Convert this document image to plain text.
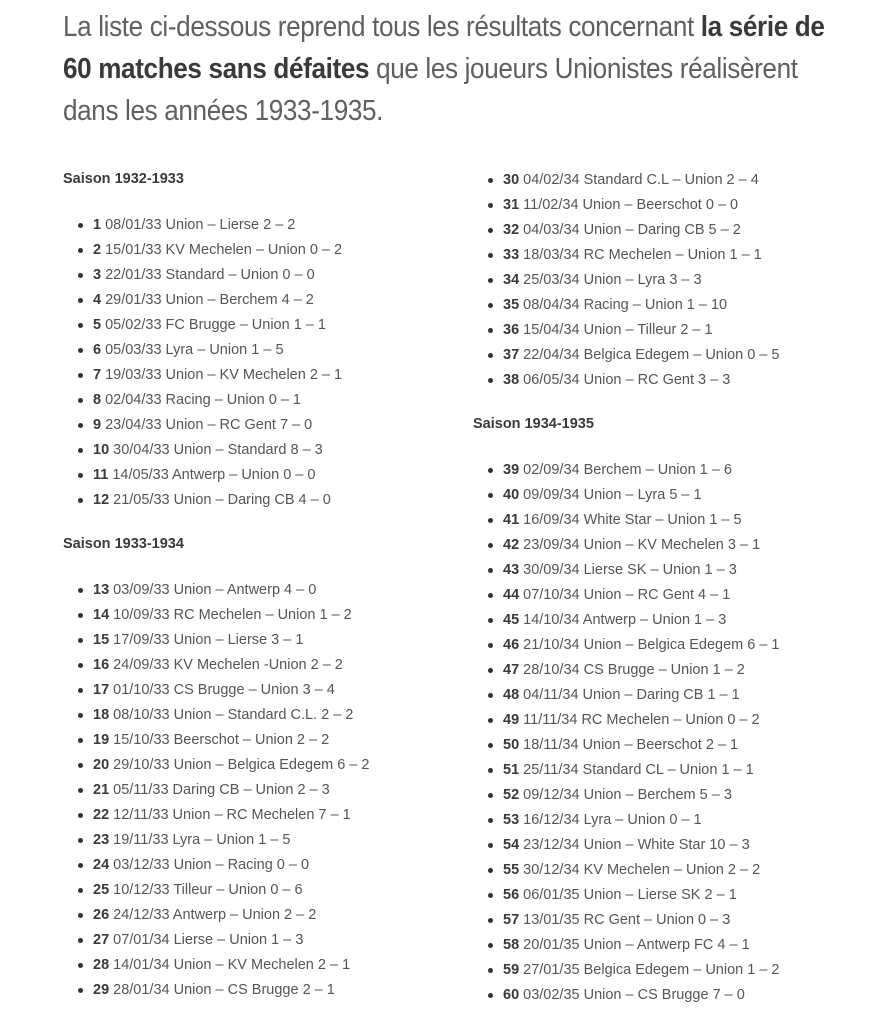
La liste ci-dessous reprend tous les résultats concernant la série de 60 matches sans défaites que les joueurs Unionistes réalisèrent dans les années 1933-1935.

Saison 1932-1933
1 08/01/33 Union – Lierse 2 – 2
2 15/01/33 KV Mechelen – Union 0 – 2
3 22/01/33 Standard – Union 0 – 0
4 29/01/33 Union – Berchem 4 – 2
5 05/02/33 FC Brugge – Union 1 – 1
6 05/03/33 Lyra – Union 1 – 5
7 19/03/33 Union – KV Mechelen 2 – 1
8 02/04/33 Racing – Union 0 – 1
9 23/04/33 Union – RC Gent 7 – 0
10 30/04/33 Union – Standard 8 – 3
11 14/05/33 Antwerp – Union 0 – 0
12 21/05/33 Union – Daring CB 4 – 0
Saison 1933-1934
13 03/09/33 Union – Antwerp 4 – 0
14 10/09/33 RC Mechelen – Union 1 – 2
15 17/09/33 Union – Lierse 3 – 1
16 24/09/33 KV Mechelen -Union 2 – 2
17 01/10/33 CS Brugge – Union 3 – 4
18 08/10/33 Union – Standard C.L. 2 – 2
19 15/10/33 Beerschot – Union 2 – 2
20 29/10/33 Union – Belgica Edegem 6 – 2
21 05/11/33 Daring CB – Union 2 – 3
22 12/11/33 Union – RC Mechelen 7 – 1
23 19/11/33 Lyra – Union 1 – 5
24 03/12/33 Union – Racing 0 – 0
25 10/12/33 Tilleur – Union 0 – 6
26 24/12/33 Antwerp – Union 2 – 2
27 07/01/34 Lierse – Union 1 – 3
28 14/01/34 Union – KV Mechelen 2 – 1
29 28/01/34 Union – CS Brugge 2 – 1
30 04/02/34 Standard C.L – Union 2 – 4
31 11/02/34 Union – Beerschot 0 – 0
32 04/03/34 Union – Daring CB 5 – 2
33 18/03/34 RC Mechelen – Union 1 – 1
34 25/03/34 Union – Lyra 3 – 3
35 08/04/34 Racing – Union 1 – 10
36 15/04/34 Union – Tilleur 2 – 1
37 22/04/34 Belgica Edegem – Union 0 – 5
38 06/05/34 Union – RC Gent 3 – 3
Saison 1934-1935
39 02/09/34 Berchem – Union 1 – 6
40 09/09/34 Union – Lyra 5 – 1
41 16/09/34 White Star – Union 1 – 5
42 23/09/34 Union – KV Mechelen 3 – 1
43 30/09/34 Lierse SK – Union 1 – 3
44 07/10/34 Union – RC Gent 4 – 1
45 14/10/34 Antwerp – Union 1 – 3
46 21/10/34 Union – Belgica Edegem 6 – 1
47 28/10/34 CS Brugge – Union 1 – 2
48 04/11/34 Union – Daring CB 1 – 1
49 11/11/34 RC Mechelen – Union 0 – 2
50 18/11/34 Union – Beerschot 2 – 1
51 25/11/34 Standard CL – Union 1 – 1
52 09/12/34 Union – Berchem 5 – 3
53 16/12/34 Lyra – Union 0 – 1
54 23/12/34 Union – White Star 10 – 3
55 30/12/34 KV Mechelen – Union 2 – 2
56 06/01/35 Union – Lierse SK 2 – 1
57 13/01/35 RC Gent – Union 0 – 3
58 20/01/35 Union – Antwerp FC 4 – 1
59 27/01/35 Belgica Edegem – Union 1 – 2
60 03/02/35 Union – CS Brugge 7 – 0
